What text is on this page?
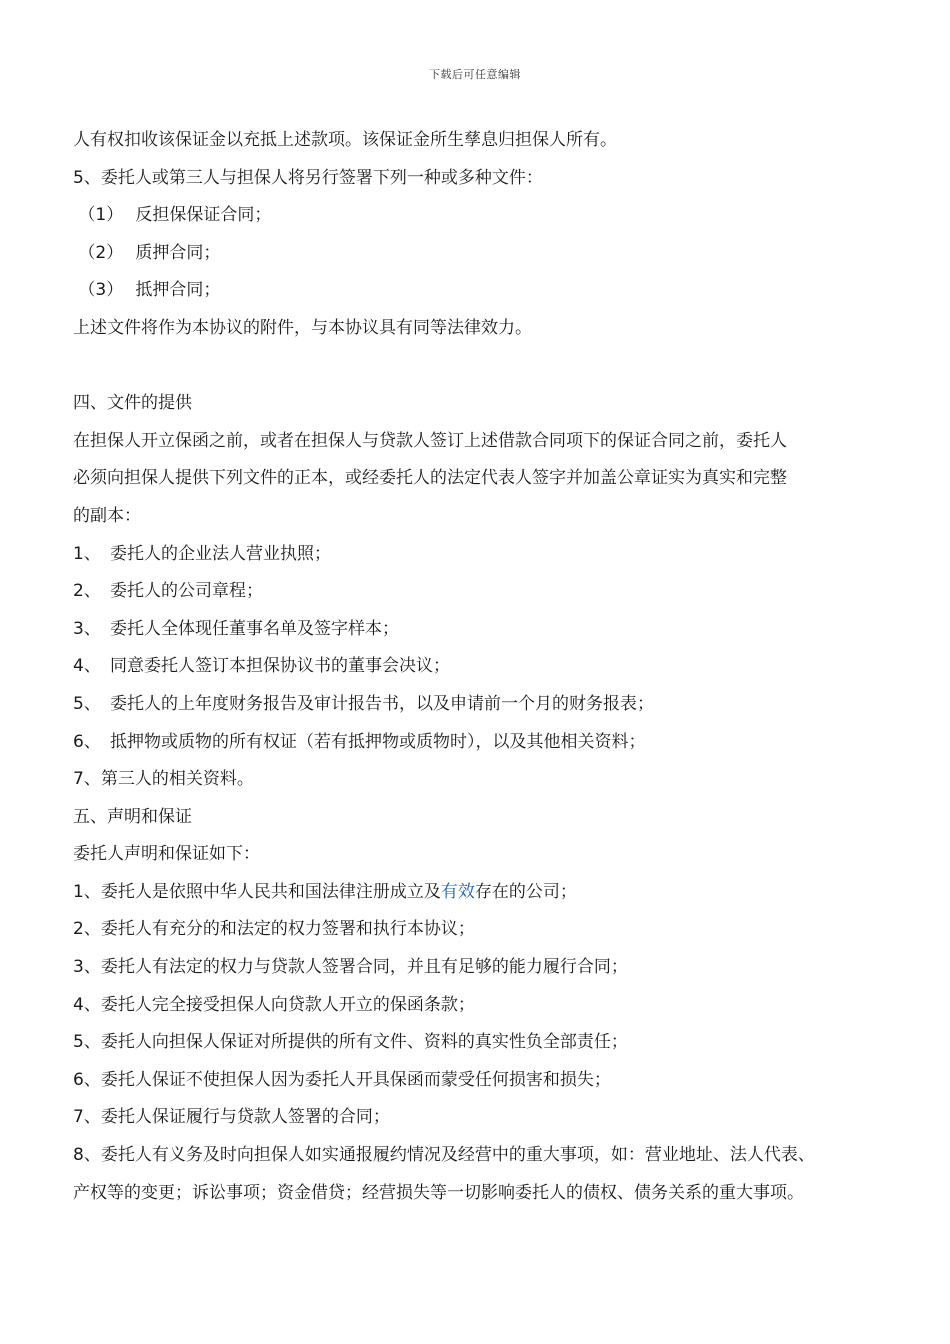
下载后可任意编辑
人有权扣收该保证金以充抵上述款项。该保证金所生孳息归担保人所有。
5、委托人或第三人与担保人将另行签署下列一种或多种文件：
（1） 反担保保证合同；
（2） 质押合同；
（3） 抵押合同；
上述文件将作为本协议的附件，与本协议具有同等法律效力。
四、文件的提供
在担保人开立保函之前，或者在担保人与贷款人签订上述借款合同项下的保证合同之前，委托人
必须向担保人提供下列文件的正本，或经委托人的法定代表人签字并加盖公章证实为真实和完整
的副本：
1、 委托人的企业法人营业执照；
2、 委托人的公司章程；
3、 委托人全体现任董事名单及签字样本；
4、 同意委托人签订本担保协议书的董事会决议；
5、 委托人的上年度财务报告及审计报告书，以及申请前一个月的财务报表；
6、 抵押物或质物的所有权证（若有抵押物或质物时），以及其他相关资料；
7、第三人的相关资料。
五、声明和保证
委托人声明和保证如下：
1、委托人是依照中华人民共和国法律注册成立及有效存在的公司；
2、委托人有充分的和法定的权力签署和执行本协议；
3、委托人有法定的权力与贷款人签署合同，并且有足够的能力履行合同；
4、委托人完全接受担保人向贷款人开立的保函条款；
5、委托人向担保人保证对所提供的所有文件、资料的真实性负全部责任；
6、委托人保证不使担保人因为委托人开具保函而蒙受任何损害和损失；
7、委托人保证履行与贷款人签署的合同；
8、委托人有义务及时向担保人如实通报履约情况及经营中的重大事项，如：营业地址、法人代表、
产权等的变更；诉讼事项；资金借贷；经营损失等一切影响委托人的债权、债务关系的重大事项。
